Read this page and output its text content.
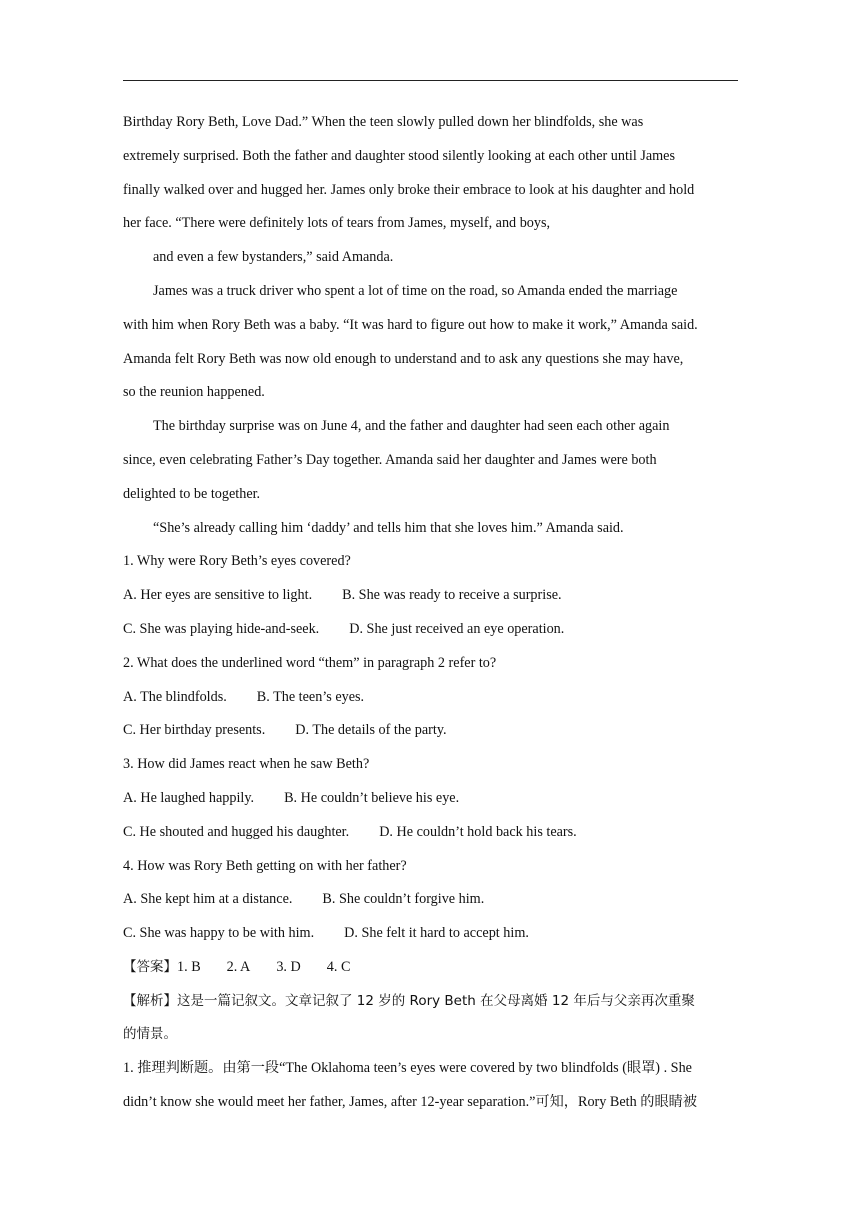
Birthday Rory Beth, Love Dad.” When the teen slowly pulled down her blindfolds, she was
extremely surprised. Both the father and daughter stood silently looking at each other until James
finally walked over and hugged her. James only broke their embrace to look at his daughter and hold
her face. “There were definitely lots of tears from James, myself, and boys,
and even a few bystanders,” said Amanda.
James was a truck driver who spent a lot of time on the road, so Amanda ended the marriage
with him when Rory Beth was a baby. “It was hard to figure out how to make it work,” Amanda said.
Amanda felt Rory Beth was now old enough to understand and to ask any questions she may have,
so the reunion happened.
The birthday surprise was on June 4, and the father and daughter had seen each other again
since, even celebrating Father’s Day together. Amanda said her daughter and James were both
delighted to be together.
“She’s already calling him ‘daddy’ and tells him that she loves him.” Amanda said.
1. Why were Rory Beth’s eyes covered?
A. Her eyes are sensitive to light. B. She was ready to receive a surprise.
C. She was playing hide-and-seek. D. She just received an eye operation.
2. What does the underlined word “them” in paragraph 2 refer to?
A. The blindfolds. B. The teen’s eyes.
C. Her birthday presents. D. The details of the party.
3. How did James react when he saw Beth?
A. He laughed happily. B. He couldn’t believe his eye.
C. He shouted and hugged his daughter. D. He couldn’t hold back his tears.
4. How was Rory Beth getting on with her father?
A. She kept him at a distance. B. She couldn’t forgive him.
C. She was happy to be with him. D. She felt it hard to accept him.
【答案】1. B 2. A 3. D 4. C
【解析】这是一篇记叙文。文章记叙了 12 岁的 Rory Beth 在父母离婚 12 年后与父亲再次重聚
的情景。
1. 推理判断题。由第一段“The Oklahoma teen’s eyes were covered by two blindfolds (眼罩) . She
didn’t know she would meet her father, James, after 12-year separation.”可知，Rory Beth 的眼睛被
